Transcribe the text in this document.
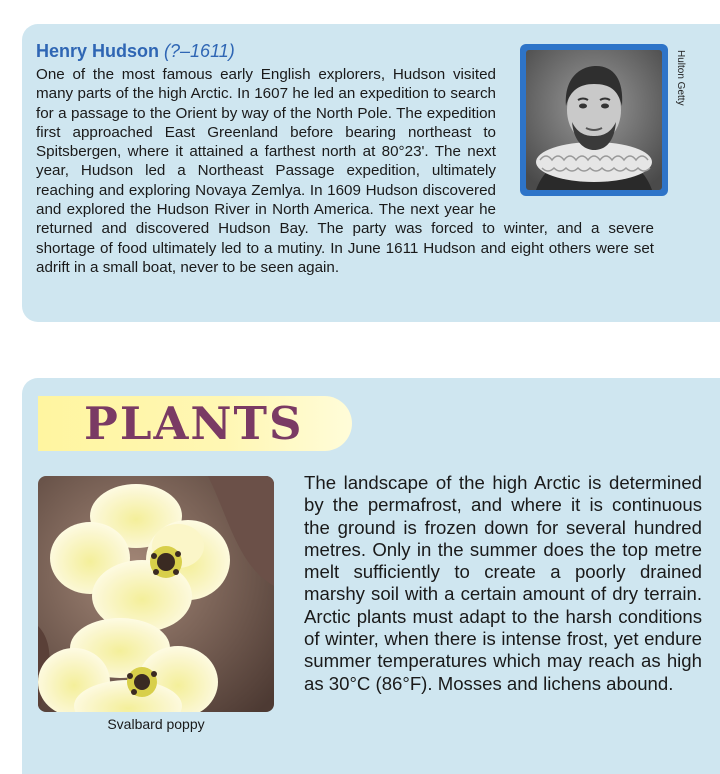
Henry Hudson (?–1611)

One of the most famous early English explorers, Hudson visited many parts of the high Arctic. In 1607 he led an expedition to search for a passage to the Orient by way of the North Pole. The expedition first approached East Greenland before bearing northeast to Spitsbergen, where it attained a farthest north at 80°23'. The next year, Hudson led a Northeast Passage expedition, ultimately reaching and exploring Novaya Zemlya. In 1609 Hudson discovered and explored the Hudson River in North America. The next year he returned and discovered Hudson Bay. The party was forced to winter, and a severe shortage of food ultimately led to a mutiny. In June 1611 Hudson and eight others were set adrift in a small boat, never to be seen again.

Hulton Getty
PLANTS
Svalbard poppy

The landscape of the high Arctic is determined by the permafrost, and where it is continuous the ground is frozen down for several hundred metres. Only in the summer does the top metre melt sufficiently to create a poorly drained marshy soil with a certain amount of dry terrain. Arctic plants must adapt to the harsh conditions of winter, when there is intense frost, yet endure summer temperatures which may reach as high as 30°C (86°F). Mosses and lichens abound.
